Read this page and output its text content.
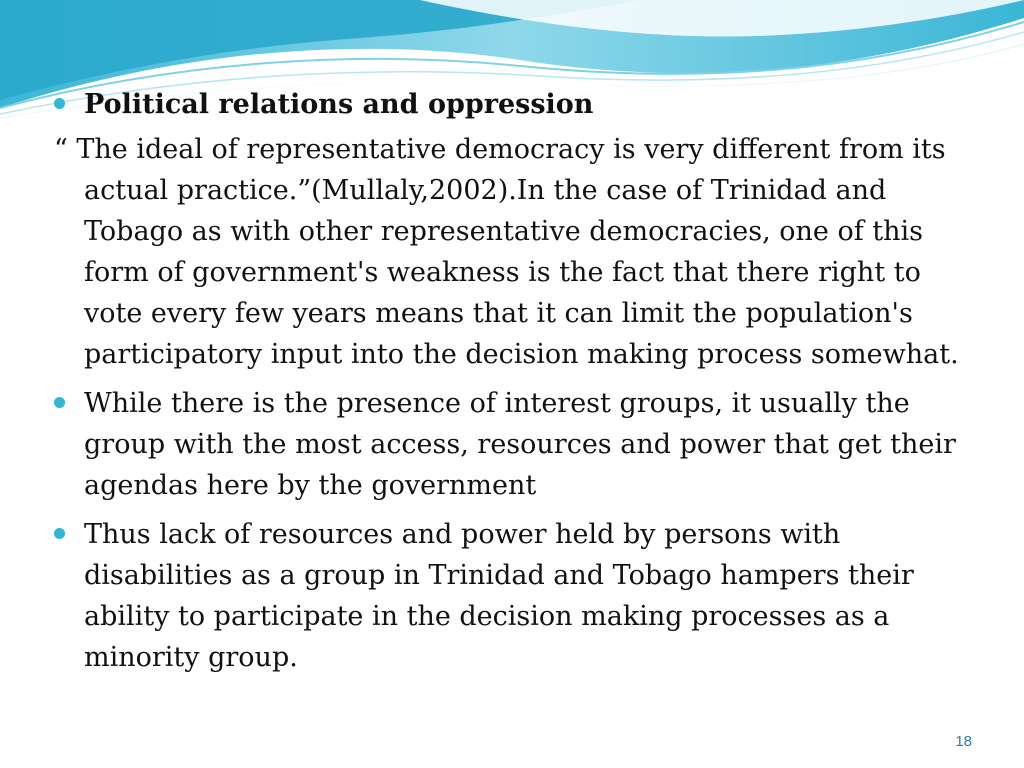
Political relations and oppression
“ The ideal of representative democracy is very different from its actual practice.”(Mullaly,2002).In the case of Trinidad and Tobago as with other representative democracies, one of this form of government's weakness is the fact that there right to vote every few years means that it can limit the population's participatory input into the decision making process somewhat.
While there is the presence of interest groups, it usually the group with the most access, resources and power that get their agendas here by the government
Thus lack of resources and power held by persons with disabilities as a group in Trinidad and Tobago hampers their ability to participate in the decision making processes as a minority group.
18
